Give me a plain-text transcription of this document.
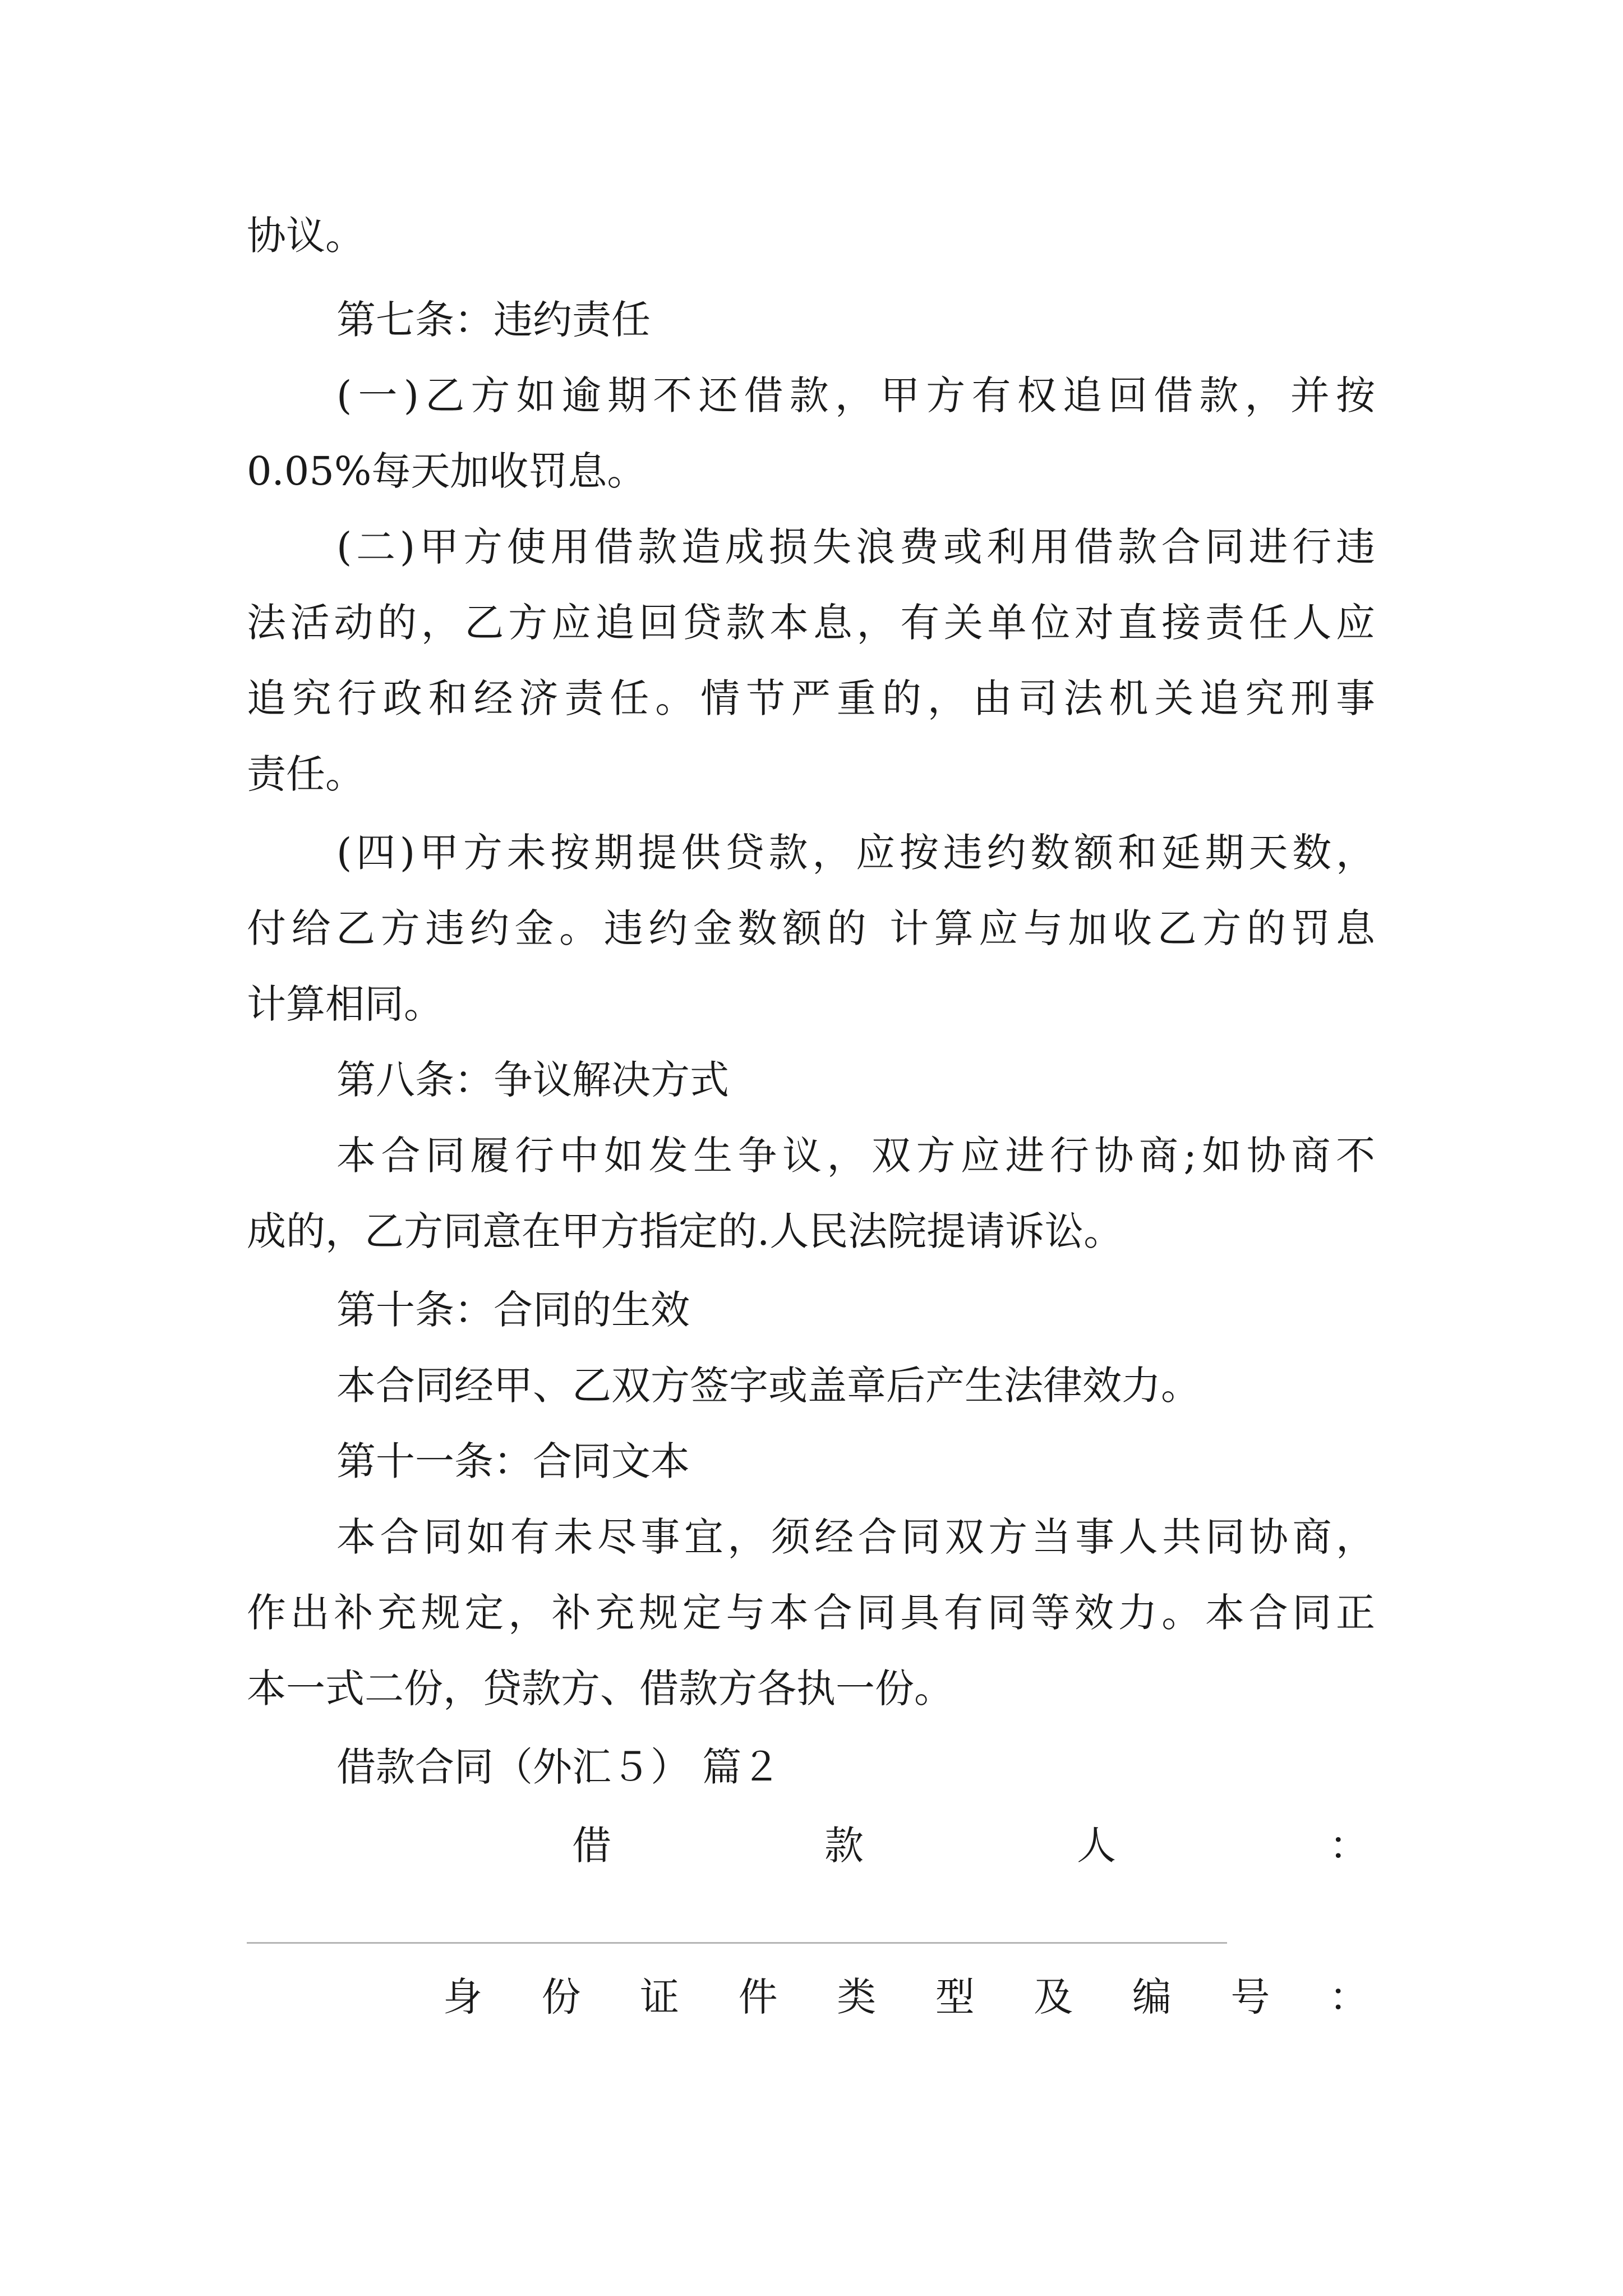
协议。

第七条：违约责任

(一)乙方如逾期不还借款，甲方有权追回借款，并按

0.05%每天加收罚息。

(二)甲方使用借款造成损失浪费或利用借款合同进行违

法活动的，乙方应追回贷款本息，有关单位对直接责任人应

追究行政和经济责任。情节严重的，由司法机关追究刑事

责任。

(四)甲方未按期提供贷款，应按违约数额和延期天数，

付给乙方违约金。违约金数额的 计算应与加收乙方的罚息

计算相同。

第八条：争议解决方式

本合同履行中如发生争议，双方应进行协商;如协商不

成的，乙方同意在甲方指定的.人民法院提请诉讼。

第十条：合同的生效

本合同经甲、乙双方签字或盖章后产生法律效力。

第十一条：合同文本

本合同如有未尽事宜，须经合同双方当事人共同协商，

作出补充规定，补充规定与本合同具有同等效力。本合同正

本一式二份，贷款方、借款方各执一份。

借款合同（外汇５） 篇２

借	款	人	：
身 份 证 件 类 型 及 编 号 ：
